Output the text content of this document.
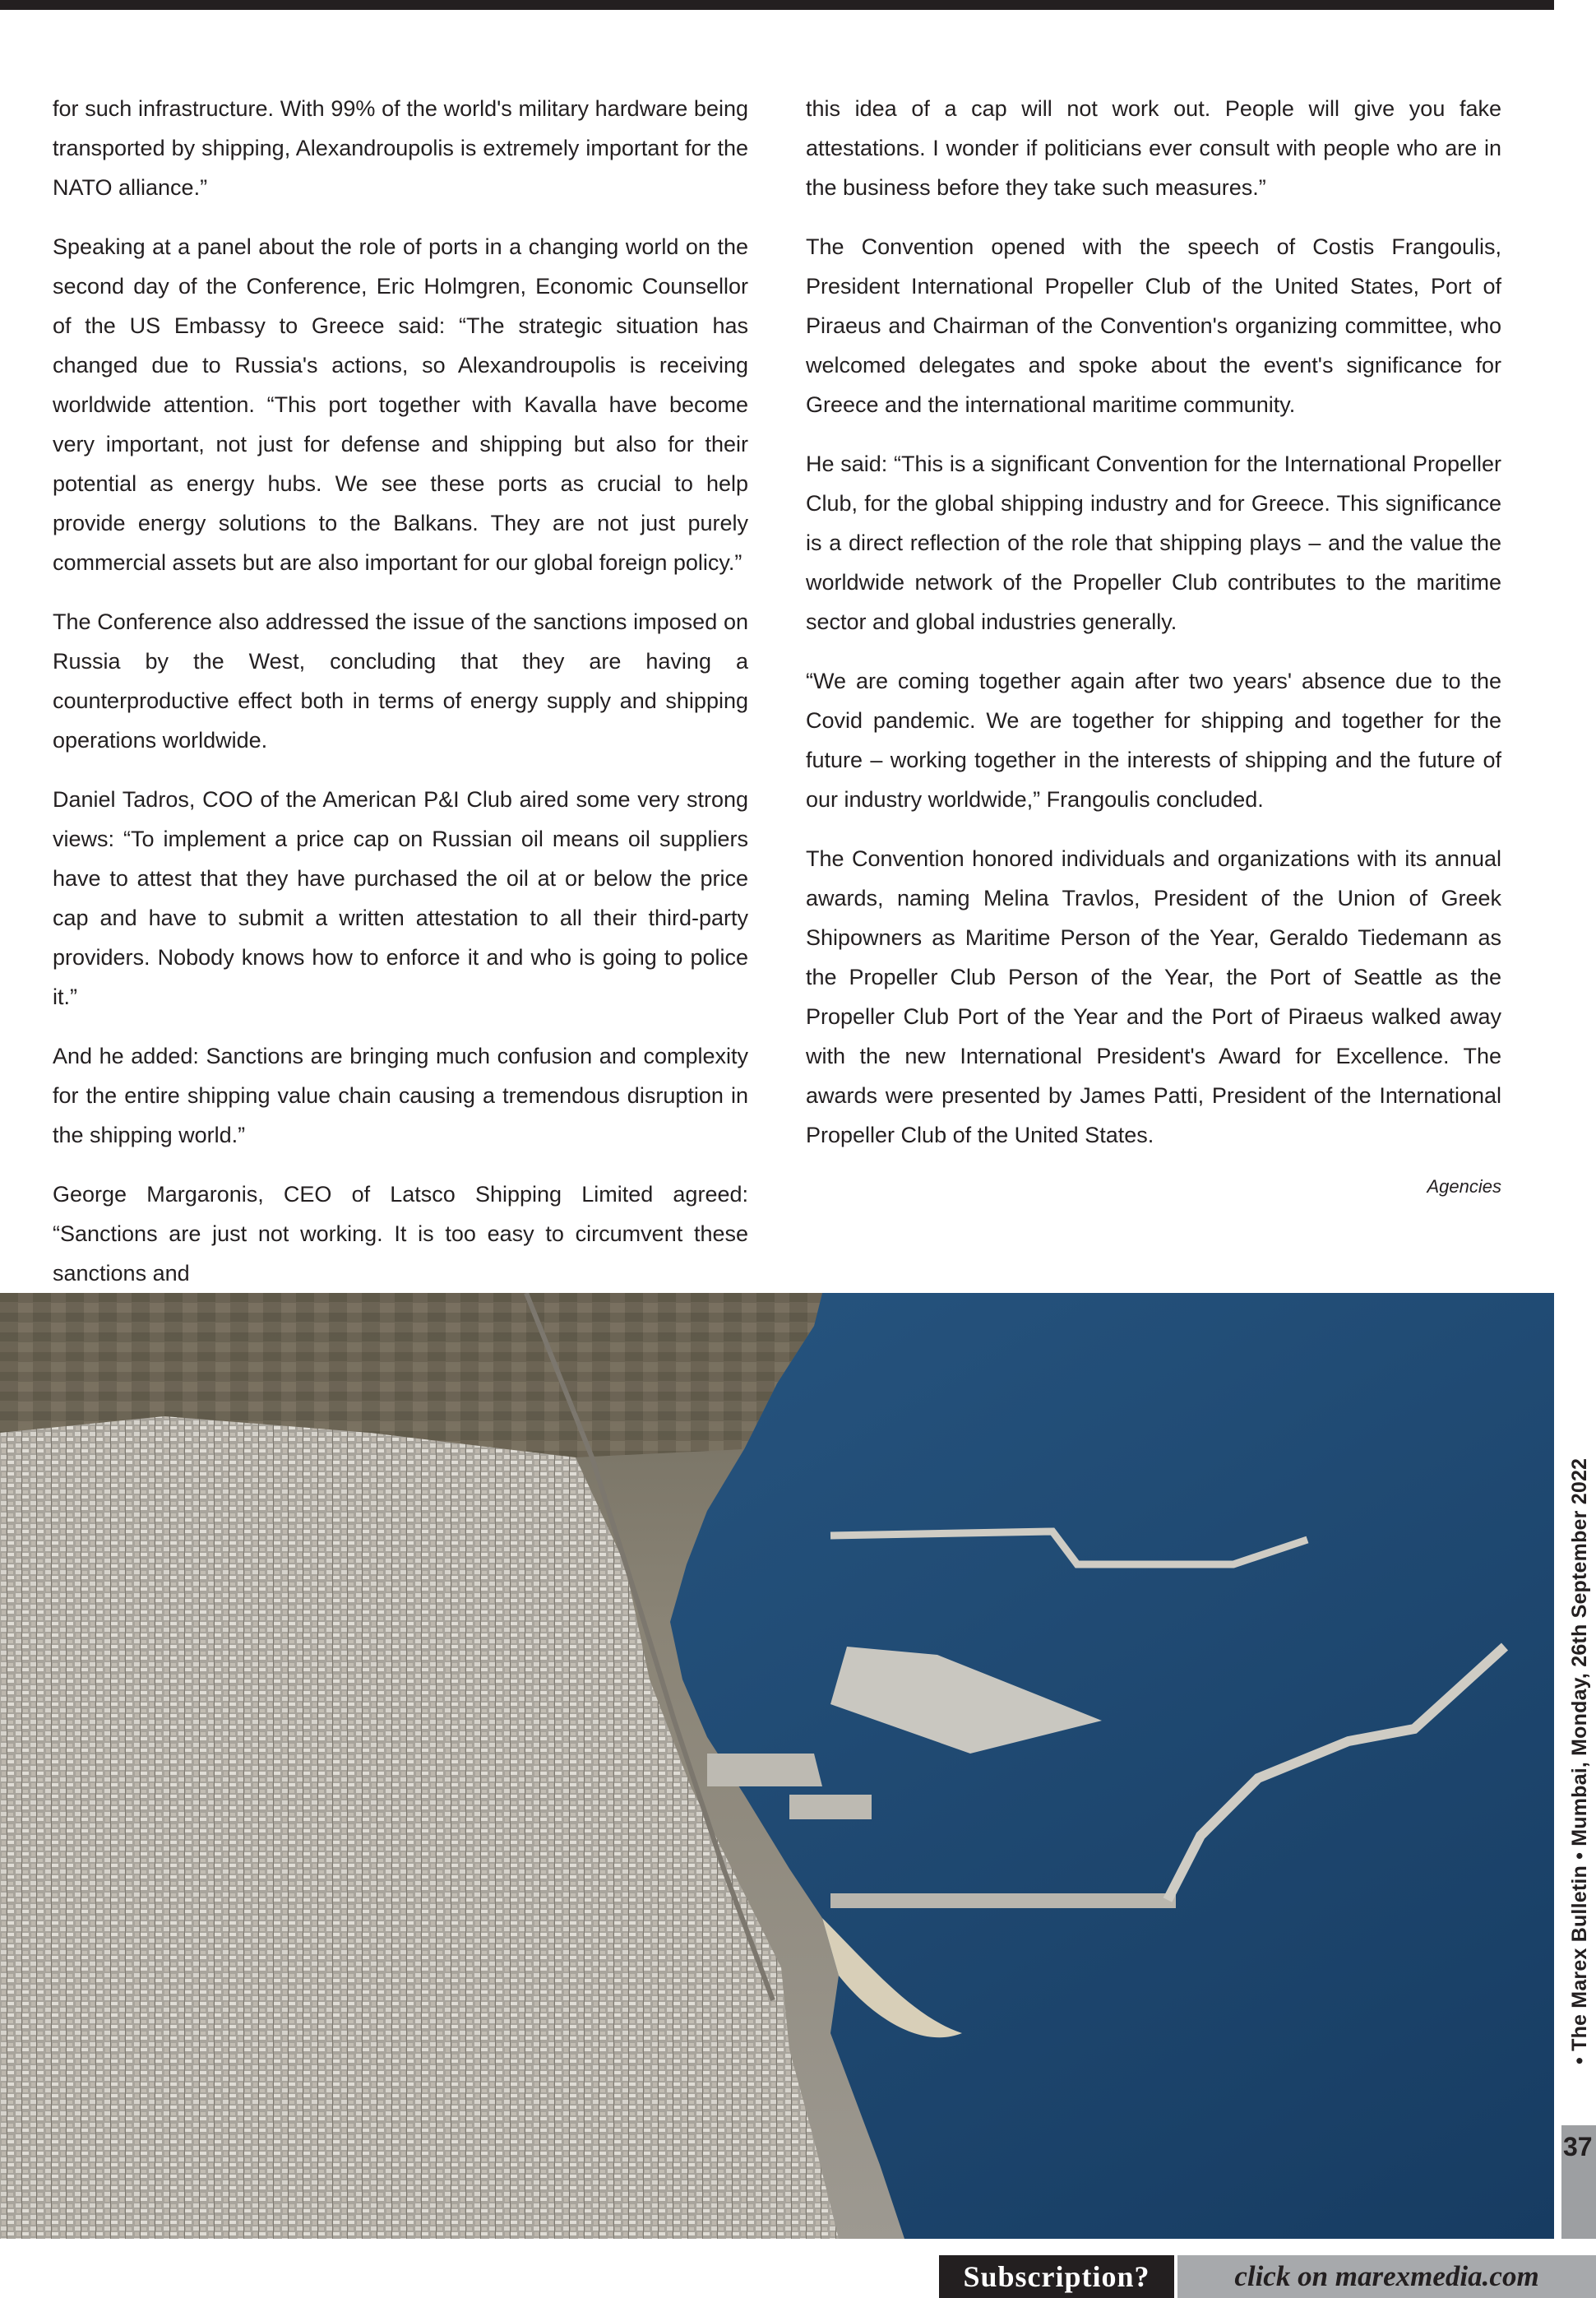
for such infrastructure. With 99% of the world's military hardware being transported by shipping, Alexandroupolis is extremely important for the NATO alliance.”

Speaking at a panel about the role of ports in a changing world on the second day of the Conference, Eric Holmgren, Economic Counsellor of the US Embassy to Greece said: “The strategic situation has changed due to Russia's actions, so Alexandroupolis is receiving worldwide attention. “This port together with Kavalla have become very important, not just for defense and shipping but also for their potential as energy hubs. We see these ports as crucial to help provide energy solutions to the Balkans. They are not just purely commercial assets but are also important for our global foreign policy.”

The Conference also addressed the issue of the sanctions imposed on Russia by the West, concluding that they are having a counterproductive effect both in terms of energy supply and shipping operations worldwide.

Daniel Tadros, COO of the American P&I Club aired some very strong views: “To implement a price cap on Russian oil means oil suppliers have to attest that they have purchased the oil at or below the price cap and have to submit a written attestation to all their third-party providers. Nobody knows how to enforce it and who is going to police it.”

And he added: Sanctions are bringing much confusion and complexity for the entire shipping value chain causing a tremendous disruption in the shipping world.”

George Margaronis, CEO of Latsco Shipping Limited agreed: “Sanctions are just not working. It is too easy to circumvent these sanctions and

this idea of a cap will not work out. People will give you fake attestations. I wonder if politicians ever consult with people who are in the business before they take such measures.”

The Convention opened with the speech of Costis Frangoulis, President International Propeller Club of the United States, Port of Piraeus and Chairman of the Convention's organizing committee, who welcomed delegates and spoke about the event's significance for Greece and the international maritime community.

He said: “This is a significant Convention for the International Propeller Club, for the global shipping industry and for Greece. This significance is a direct reflection of the role that shipping plays – and the value the worldwide network of the Propeller Club contributes to the maritime sector and global industries generally.

“We are coming together again after two years' absence due to the Covid pandemic. We are together for shipping and together for the future – working together in the interests of shipping and the future of our industry worldwide,” Frangoulis concluded.

The Convention honored individuals and organizations with its annual awards, naming Melina Travlos, President of the Union of Greek Shipowners as Maritime Person of the Year, Geraldo Tiedemann as the Propeller Club Person of the Year, the Port of Seattle as the Propeller Club Port of the Year and the Port of Piraeus walked away with the new International President's Award for Excellence. The awards were presented by James Patti, President of the International Propeller Club of the United States.

Agencies

• The Marex Bulletin • Mumbai, Monday, 26th September 2022
37
Subscription?	click on marexmedia.com
